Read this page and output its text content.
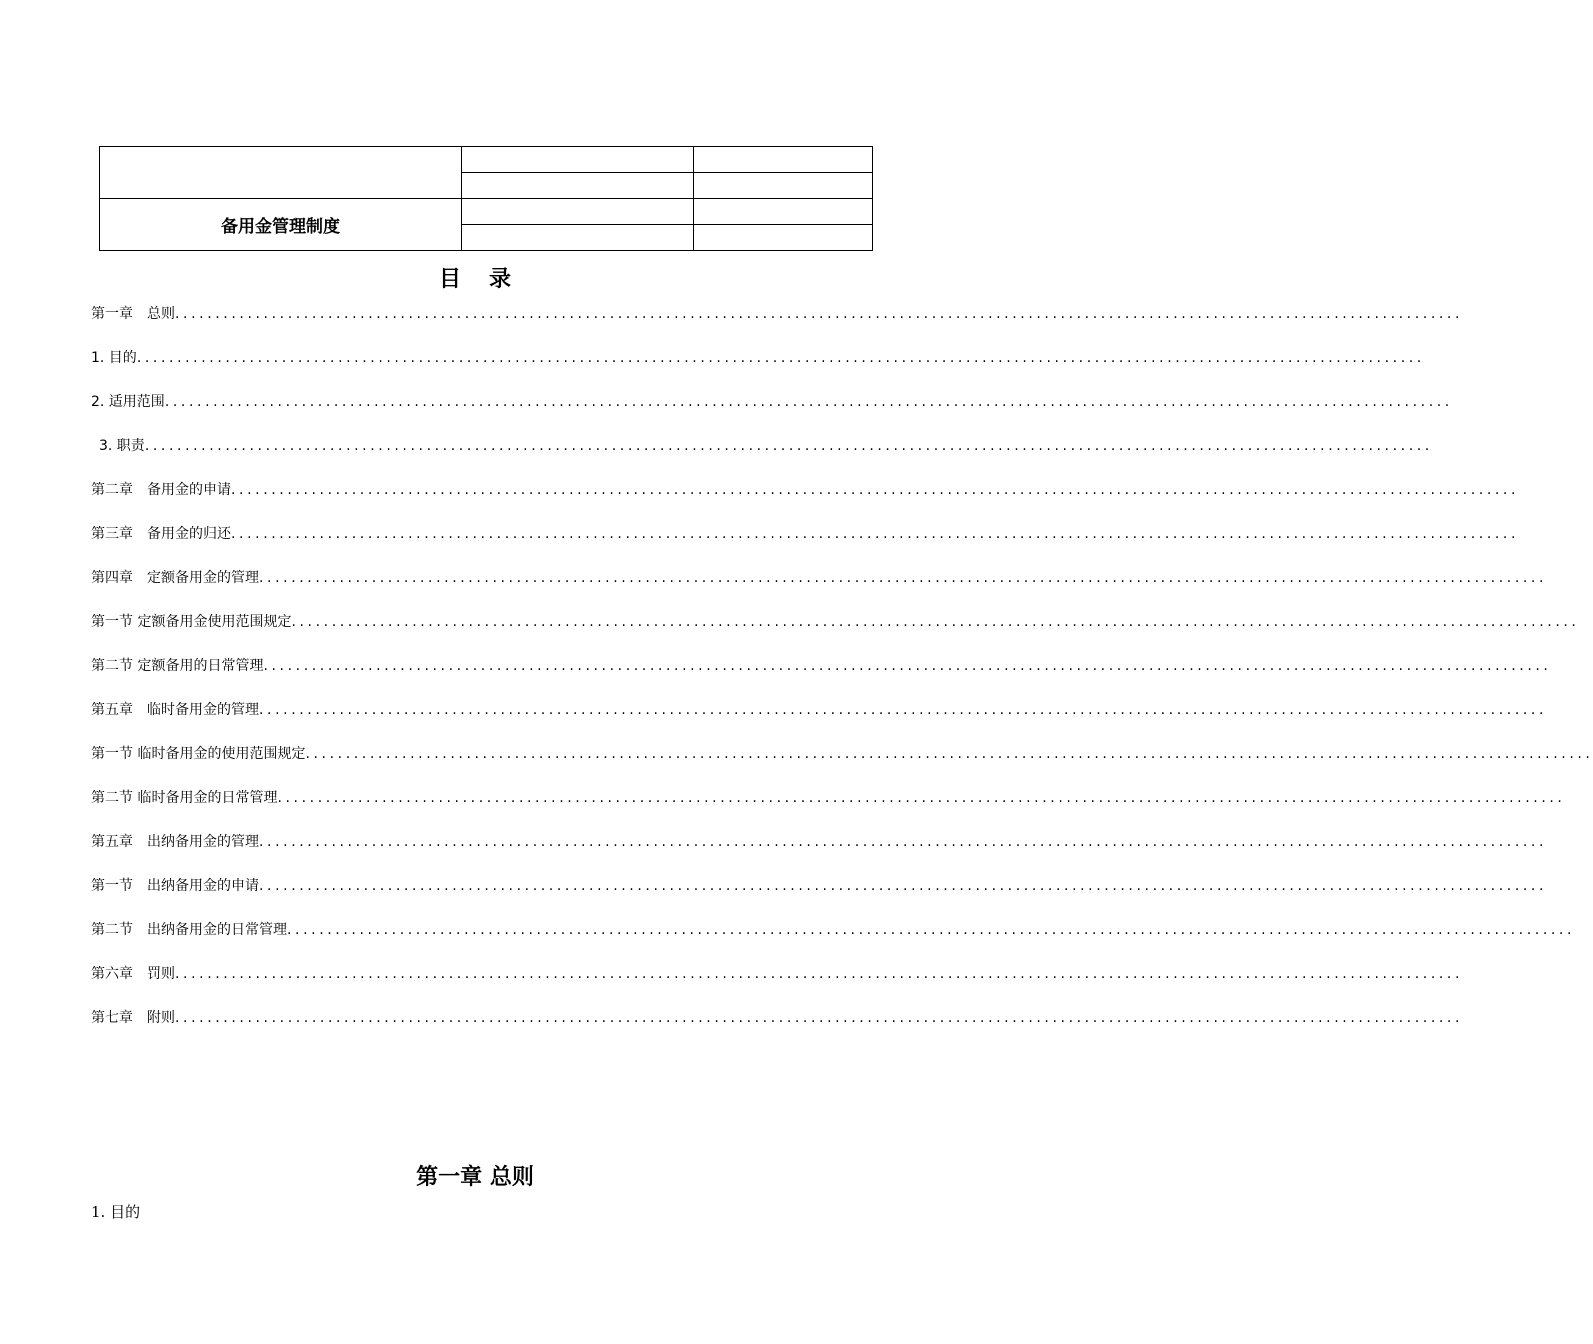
备用金管理制度		

目录
第一章　总则................................................................................................................................................................
1. 目的................................................................................................................................................................
2. 适用范围................................................................................................................................................................
3. 职责................................................................................................................................................................
第二章　备用金的申请................................................................................................................................................................
第三章　备用金的归还................................................................................................................................................................
第四章　定额备用金的管理................................................................................................................................................................
第一节 定额备用金使用范围规定................................................................................................................................................................
第二节 定额备用的日常管理................................................................................................................................................................
第五章　临时备用金的管理................................................................................................................................................................
第一节 临时备用金的使用范围规定................................................................................................................................................................
第二节 临时备用金的日常管理................................................................................................................................................................
第五章　出纳备用金的管理................................................................................................................................................................
第一节　出纳备用金的申请................................................................................................................................................................
第二节　出纳备用金的日常管理................................................................................................................................................................
第六章　罚则................................................................................................................................................................
第七章　附则................................................................................................................................................................
第一章 总则
1. 目的
